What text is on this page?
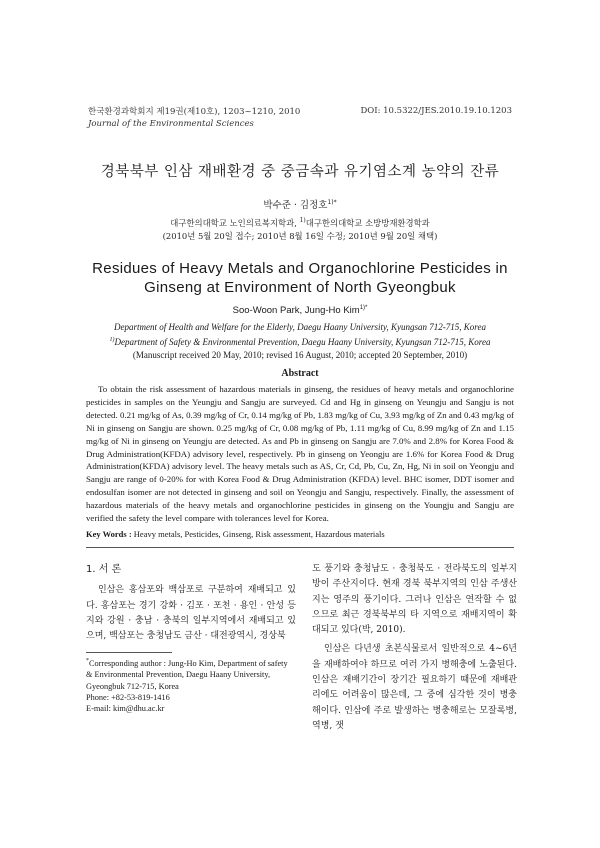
한국환경과학회지 제19권(제10호), 1203~1210, 2010
Journal of the Environmental Sciences
DOI: 10.5322/JES.2010.19.10.1203
경북북부 인삼 재배환경 중 중금속과 유기염소계 농약의 잔류
박수준 · 김정호$^{1)*}$
대구한의대학교 노인의료복지학과, $^{1)}$대구한의대학교 소방방재환경학과
(2010년 5월 20일 접수; 2010년 8월 16일 수정; 2010년 9월 20일 채택)
Residues of Heavy Metals and Organochlorine Pesticides in
Ginseng at Environment of North Gyeongbuk
Soo-Woon Park, Jung-Ho Kim$^{1)*}$
Department of Health and Welfare for the Elderly, Daegu Haany University, Kyungsan 712-715, Korea
$^{1)}$Department of Safety & Environmental Prevention, Daegu Haany University, Kyungsan 712-715, Korea
(Manuscript received 20 May, 2010; revised 16 August, 2010; accepted 20 September, 2010)
Abstract
To obtain the risk assessment of hazardous materials in ginseng, the residues of heavy metals and organochlorine pesticides in samples on the Yeungju and Sangju are surveyed. Cd and Hg in ginseng on Yeungju and Sangju is not detected. 0.21 mg/kg of As, 0.39 mg/kg of Cr, 0.14 mg/kg of Pb, 1.83 mg/kg of Cu, 3.93 mg/kg of Zn and 0.43 mg/kg of Ni in ginseng on Sangju are shown. 0.25 mg/kg of Cr, 0.08 mg/kg of Pb, 1.11 mg/kg of Cu, 8.99 mg/kg of Zn and 1.15 mg/kg of Ni in ginseng on Yeungju are detected. As and Pb in ginseng on Sangju are 7.0% and 2.8% for Korea Food & Drug Administration(KFDA) advisory level, respectively. Pb in ginseng on Yeongju are 1.6% for Korea Food & Drug Administration(KFDA) advisory level. The heavy metals such as AS, Cr, Cd, Pb, Cu, Zn, Hg, Ni in soil on Yeongju and Sangju are range of 0-20% for with Korea Food & Drug Administration (KFDA) level. BHC isomer, DDT isomer and endosulfan isomer are not detected in ginseng and soil on Yeongju and Sangju, respectively. Finally, the assessment of hazardous materials of the heavy metals and organochlorine pesticides in ginseng on the Youngju and Sangju are verified the safety the level compare with tolerances level for Korea.
Key Words : Heavy metals, Pesticides, Ginseng, Risk assessment, Hazardous materials
1. 서 론

인삼은 홍삼포와 백삼포로 구분하여 재배되고 있다. 홍삼포는 경기 강화 · 김포 · 포천 · 용인 · 안성 등지와 강원 · 충남 · 충북의 일부지역에서 재배되고 있으며, 백삼포는 충청남도 금산 · 대전광역시, 경상북

도 풍기와 충청남도 · 충청북도 · 전라북도의 일부지방이 주산지이다. 현재 경북 북부지역의 인삼 주생산지는 영주의 풍기이다. 그러나 인삼은 연작할 수 없으므로 최근 경북북부의 타 지역으로 재배지역이 확대되고 있다(박, 2010).

인삼은 다년생 초본식물로서 일반적으로 4~6년을 재배하여야 하므로 여러 가지 병해충에 노출된다. 인삼은 재배기간이 장기간 필요하기 때문에 재배관리에도 어려움이 많은데, 그 중에 심각한 것이 병충해이다. 인삼에 주로 발생하는 병충해로는 모잘록병, 역병, 잿

*Corresponding author : Jung-Ho Kim, Department of safety
& Environmental Prevention, Daegu Haany University,
Gyeongbuk 712-715, Korea
Phone: +82-53-819-1416
E-mail: kim@dhu.ac.kr
